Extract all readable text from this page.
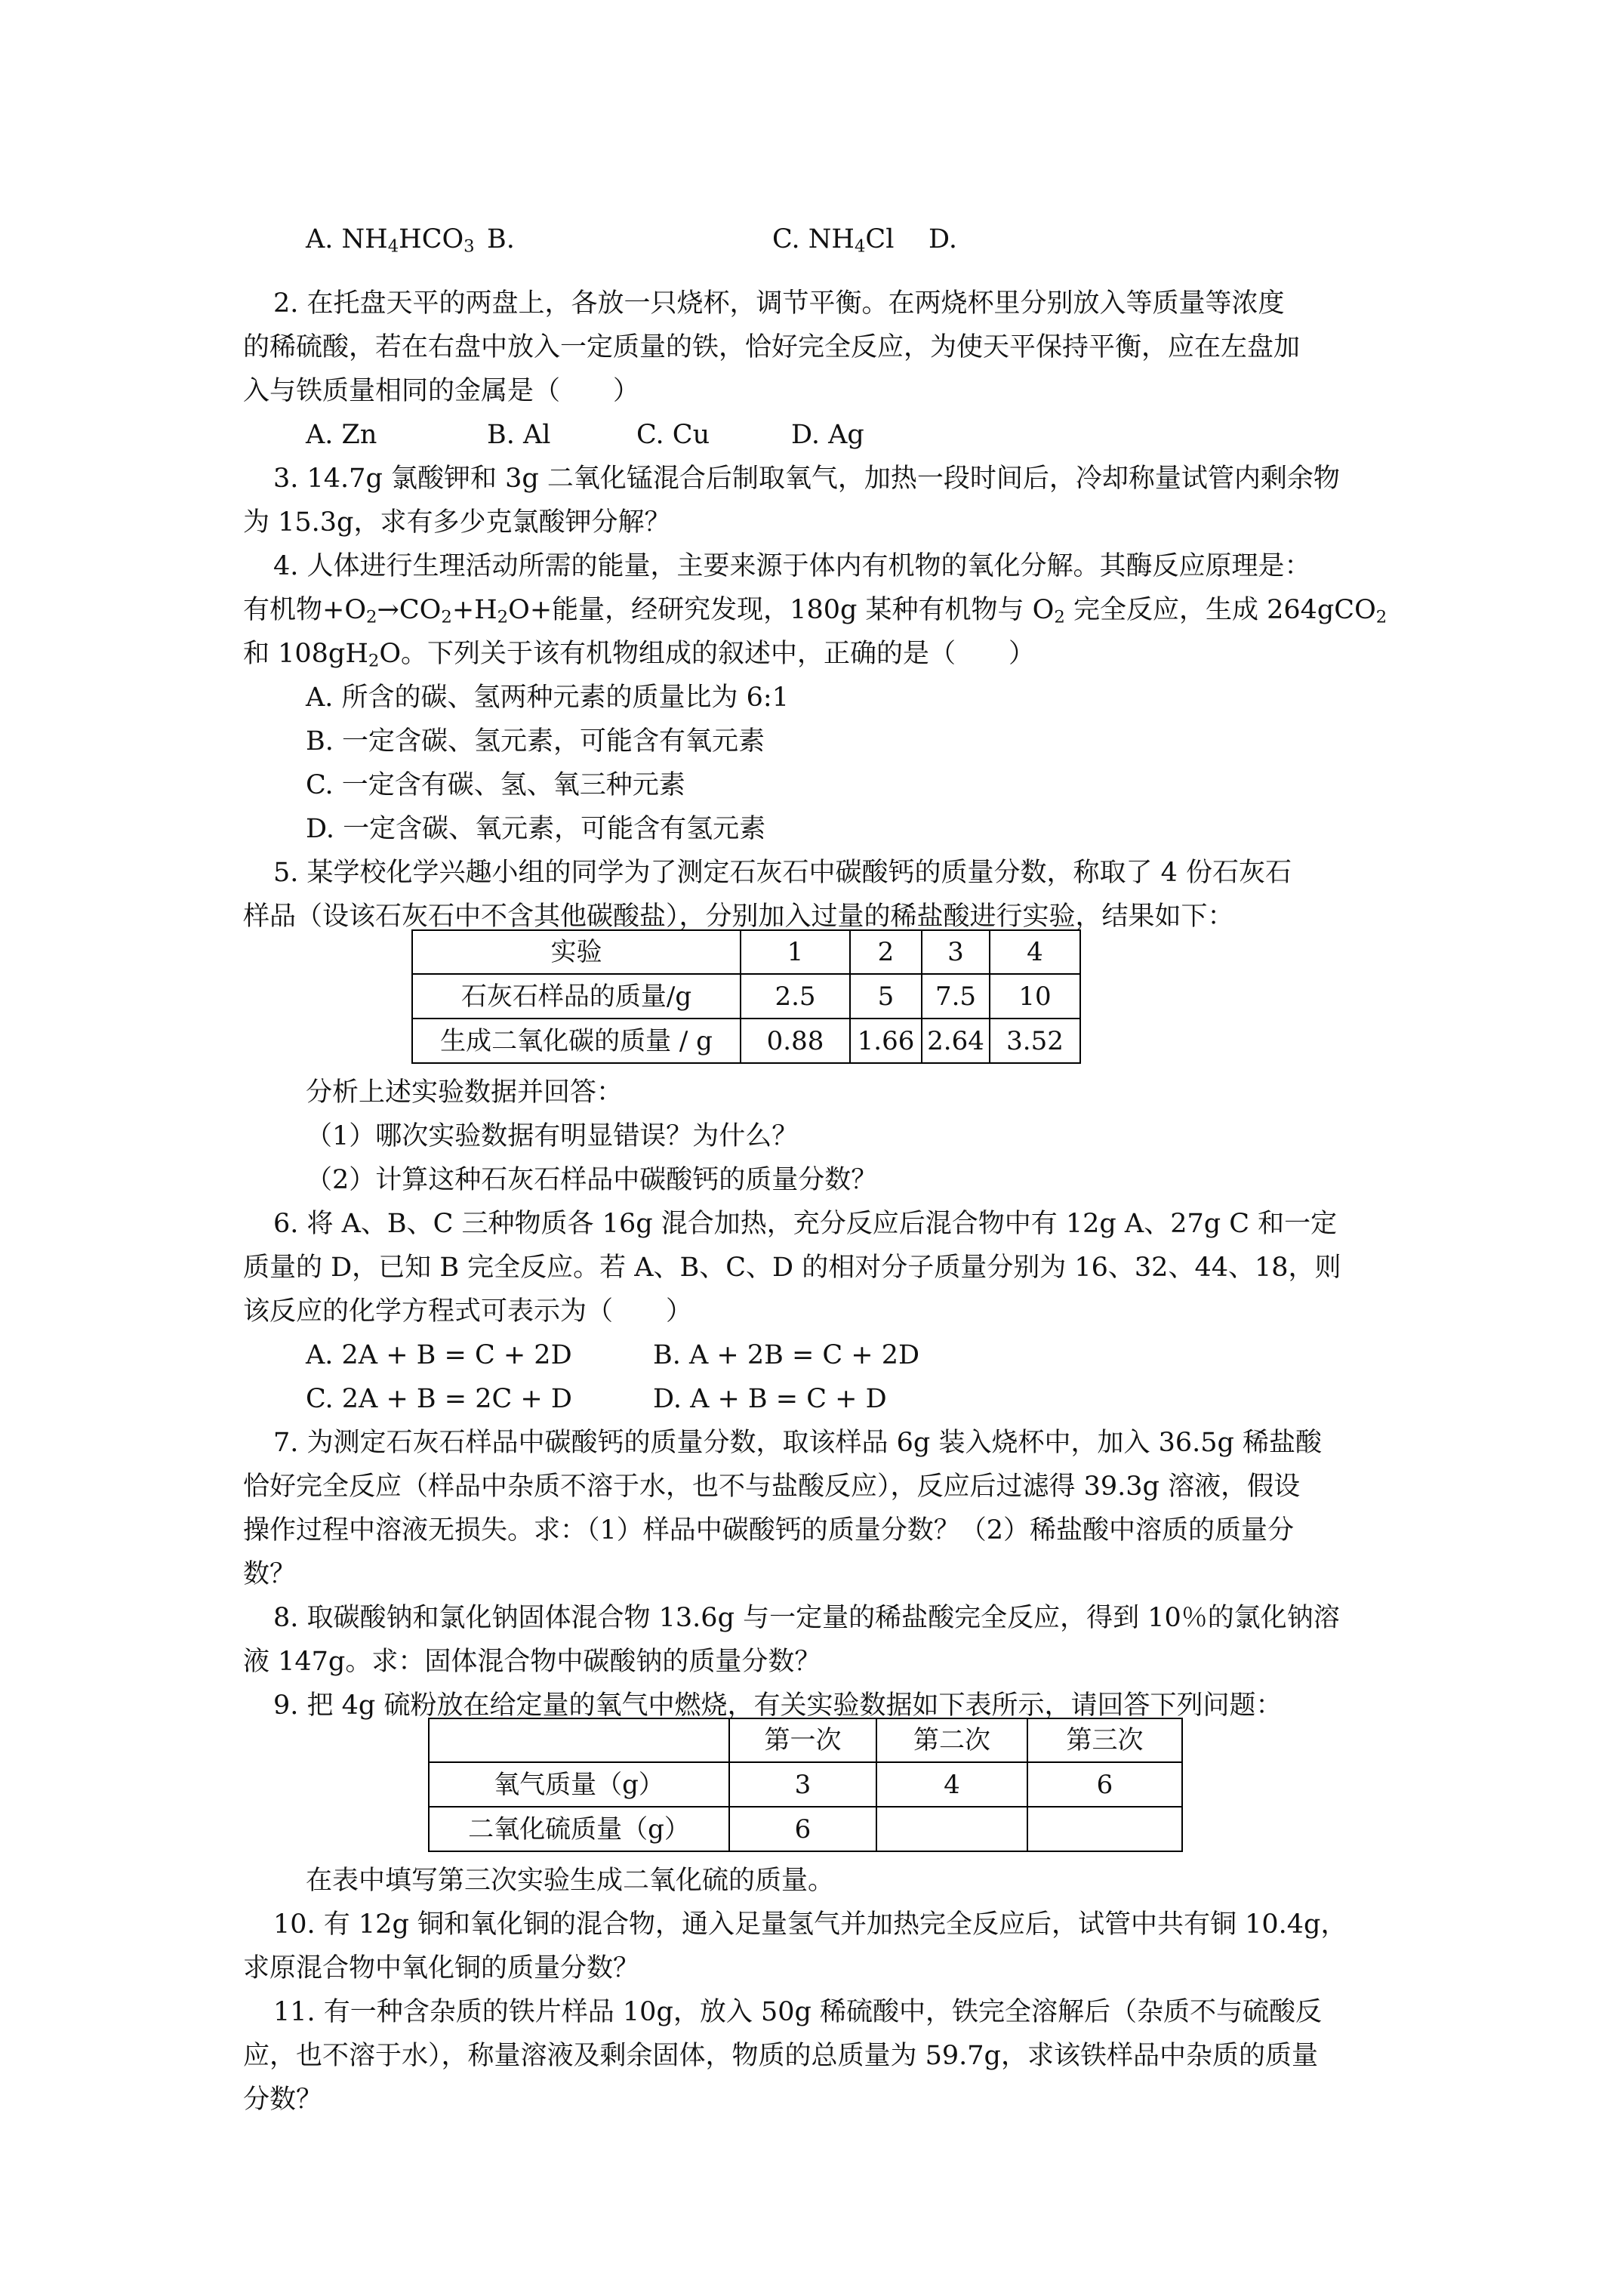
A. $NH_4HCO_3$ B.	C. $NH_4Cl$ D.
2. 在托盘天平的两盘上，各放一只烧杯，调节平衡。在两烧杯里分别放入等质量等浓度
的稀硫酸，若在右盘中放入一定质量的铁，恰好完全反应，为使天平保持平衡，应在左盘加
入与铁质量相同的金属是（　　）
A. Zn	B. Al	C. Cu	D. Ag
3. 14.7g 氯酸钾和 3g 二氧化锰混合后制取氧气，加热一段时间后，冷却称量试管内剩余物
为 15.3g，求有多少克氯酸钾分解？
4. 人体进行生理活动所需的能量，主要来源于体内有机物的氧化分解。其酶反应原理是：
有机物$+O_2\to CO_2+H_2O+$能量，经研究发现，180g 某种有机物与 $O_2$ 完全反应，生成 264gCO$_2$
和 $108gH_2O$。下列关于该有机物组成的叙述中，正确的是（　　）
A. 所含的碳、氢两种元素的质量比为 6:1
B. 一定含碳、氢元素，可能含有氧元素
C. 一定含有碳、氢、氧三种元素
D. 一定含碳、氧元素，可能含有氢元素
5. 某学校化学兴趣小组的同学为了测定石灰石中碳酸钙的质量分数，称取了 4 份石灰石
样品（设该石灰石中不含其他碳酸盐），分别加入过量的稀盐酸进行实验，结果如下：
实验	1	2	3	4
石灰石样品的质量/g	2.5	5	7.5	10
生成二氧化碳的质量 / g	0.88	1.66	2.64	3.52
分析上述实验数据并回答：
（1）哪次实验数据有明显错误？为什么？
（2）计算这种石灰石样品中碳酸钙的质量分数？
6. 将 A、B、C 三种物质各 16g 混合加热，充分反应后混合物中有 12g A、27g C 和一定
质量的 D，已知 B 完全反应。若 A、B、C、D 的相对分子质量分别为 16、32、44、18，则
该反应的化学方程式可表示为（　　）
A. 2A + B = C + 2D	B. A + 2B = C + 2D
C. 2A + B = 2C + D	D. A + B = C + D
7. 为测定石灰石样品中碳酸钙的质量分数，取该样品 6g 装入烧杯中，加入 36.5g 稀盐酸
恰好完全反应（样品中杂质不溶于水，也不与盐酸反应），反应后过滤得 39.3g 溶液，假设
操作过程中溶液无损失。求：（1）样品中碳酸钙的质量分数？（2）稀盐酸中溶质的质量分
数？
8. 取碳酸钠和氯化钠固体混合物 13.6g 与一定量的稀盐酸完全反应，得到 10％的氯化钠溶
液 147g。求：固体混合物中碳酸钠的质量分数？
9. 把 4g 硫粉放在给定量的氧气中燃烧，有关实验数据如下表所示，请回答下列问题：
	第一次	第二次	第三次
氧气质量（g）	3	4	6
二氧化硫质量（g）	6		
在表中填写第三次实验生成二氧化硫的质量。
10. 有 12g 铜和氧化铜的混合物，通入足量氢气并加热完全反应后，试管中共有铜 10.4g，
求原混合物中氧化铜的质量分数？
11. 有一种含杂质的铁片样品 10g，放入 50g 稀硫酸中，铁完全溶解后（杂质不与硫酸反
应，也不溶于水），称量溶液及剩余固体，物质的总质量为 59.7g，求该铁样品中杂质的质量
分数？
